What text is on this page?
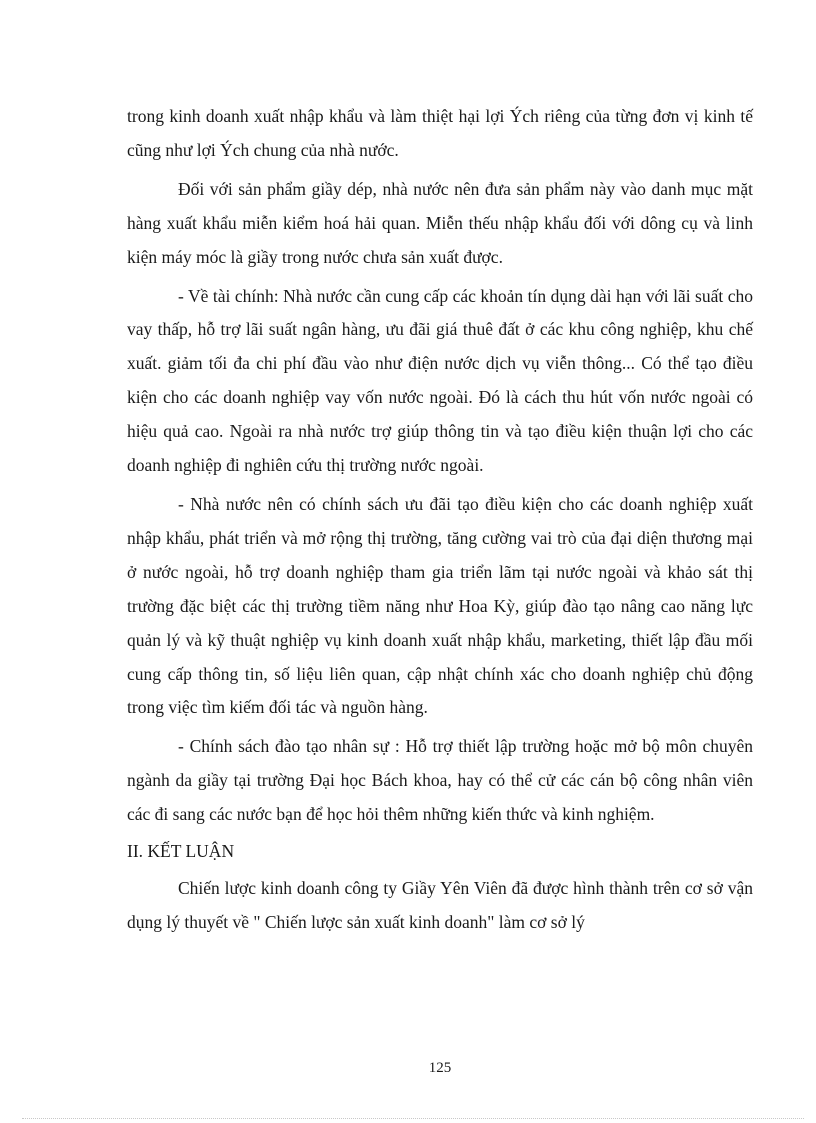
trong kinh doanh xuất nhập khẩu và làm thiệt hại lợi Ých riêng của từng đơn vị kinh tế cũng như lợi Ých chung của nhà nước.

Đối với sản phẩm giầy dép, nhà nước nên đưa sản phẩm này vào danh mục mặt hàng xuất khẩu miễn kiểm hoá hải quan. Miễn thếu nhập khẩu đối với dông cụ và linh kiện máy móc là giầy trong nước chưa sản xuất được.

- Về tài chính: Nhà nước cần cung cấp các khoản tín dụng dài hạn với lãi suất cho vay thấp, hỗ trợ lãi suất ngân hàng, ưu đãi giá thuê đất ở các khu công nghiệp, khu chế xuất. giảm tối đa chi phí đầu vào như điện nước dịch vụ viễn thông... Có thể tạo điều kiện cho các doanh nghiệp vay vốn nước ngoài. Đó là cách thu hút vốn nước ngoài có hiệu quả cao. Ngoài ra nhà nước trợ giúp thông tin và tạo điều kiện thuận lợi cho các doanh nghiệp đi nghiên cứu thị trường nước ngoài.

- Nhà nước nên có chính sách ưu đãi tạo điều kiện cho các doanh nghiệp xuất nhập khẩu, phát triển và mở rộng thị trường, tăng cường vai trò của đại diện thương mại ở nước ngoài, hỗ trợ doanh nghiệp tham gia triển lãm tại nước ngoài và khảo sát thị trường đặc biệt các thị trường tiềm năng như Hoa Kỳ, giúp đào tạo nâng cao năng lực quản lý và kỹ thuật nghiệp vụ kinh doanh xuất nhập khẩu, marketing, thiết lập đầu mối cung cấp thông tin, số liệu liên quan, cập nhật chính xác cho doanh nghiệp chủ động trong việc tìm kiếm đối tác và nguồn hàng.

- Chính sách đào tạo nhân sự : Hỗ trợ thiết lập trường hoặc mở bộ môn chuyên ngành da giầy tại trường Đại học Bách khoa, hay có thể cử các cán bộ công nhân viên các đi sang các nước bạn để học hỏi thêm những kiến thức và kinh nghiệm.

II. KẾT LUẬN

Chiến lược kinh doanh công ty Giầy Yên Viên đã được hình thành trên cơ sở vận dụng lý thuyết về " Chiến lược sản xuất kinh doanh" làm cơ sở lý

125
